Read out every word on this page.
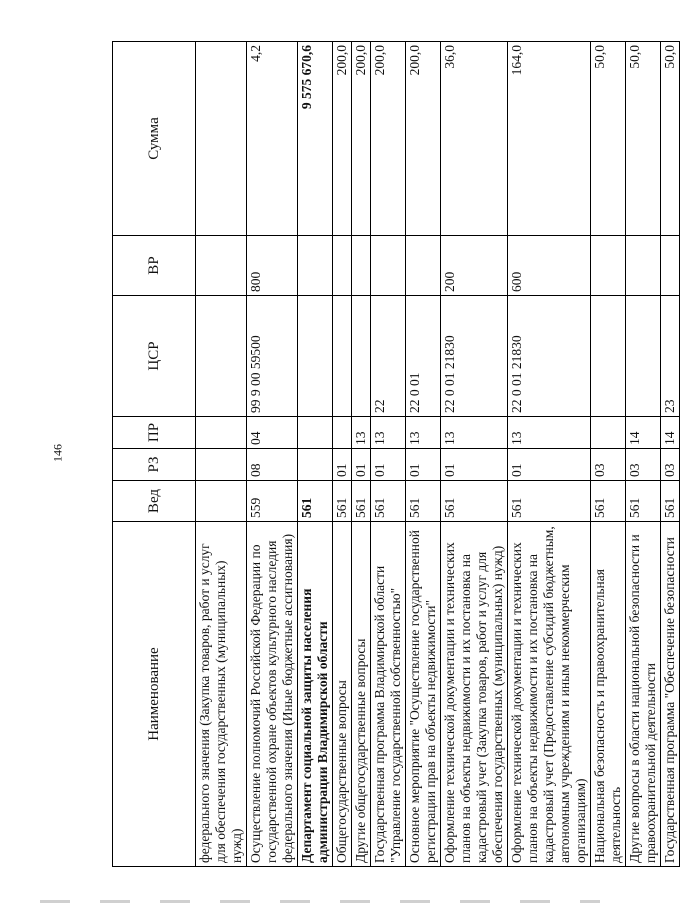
146
Наименование	Вед	РЗ	ПР	ЦСР	ВР	Сумма
федерального значения (Закупка товаров, работ и услуг для обеспечения государственных (муниципальных) нужд)						
Осуществление полномочий Российской Федерации по государственной охране объектов культурного наследия федерального значения (Иные бюджетные ассигнования)	559	08	04	99 9 00 59500	800	4,2
Департамент социальной защиты населения администрации Владимирской области	561					9 575 670,6
Общегосударственные вопросы	561	01				200,0
Другие общегосударственные вопросы	561	01	13			200,0
Государственная программа Владимирской области "Управление государственной собственностью"	561	01	13	22		200,0
Основное мероприятие "Осуществление государственной регистрации прав на объекты недвижимости"	561	01	13	22 0 01		200,0
Оформление технической документации и технических планов на объекты недвижимости и их постановка на кадастровый учет (Закупка товаров, работ и услуг для обеспечения государственных (муниципальных) нужд)	561	01	13	22 0 01 21830	200	36,0
Оформление технической документации и технических планов на объекты недвижимости и их постановка на кадастровый учет (Предоставление субсидий бюджетным, автономным учреждениям и иным некоммерческим организациям)	561	01	13	22 0 01 21830	600	164,0
Национальная безопасность и правоохранительная деятельность	561	03				50,0
Другие вопросы в области национальной безопасности и правоохранительной деятельности	561	03	14			50,0
Государственная программа "Обеспечение безопасности	561	03	14	23		50,0
